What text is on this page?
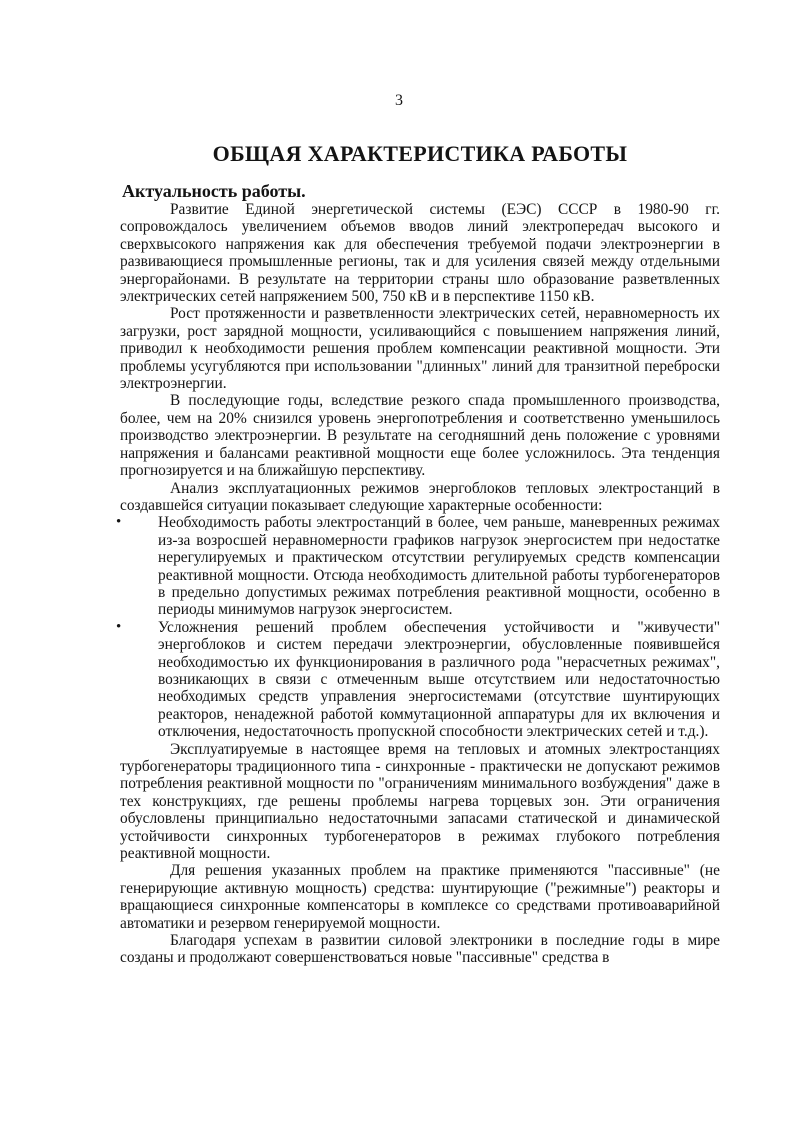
3
ОБЩАЯ ХАРАКТЕРИСТИКА РАБОТЫ
Актуальность работы.

Развитие Единой энергетической системы (ЕЭС) СССР в 1980-90 гг. сопровождалось увеличением объемов вводов линий электропередач высокого и сверхвысокого напряжения как для обеспечения требуемой подачи электроэнергии в развивающиеся промышленные регионы, так и для усиления связей между отдельными энергорайонами. В результате на территории страны шло образование разветвленных электрических сетей напряжением 500, 750 кВ и в перспективе 1150 кВ.

Рост протяженности и разветвленности электрических сетей, неравномерность их загрузки, рост зарядной мощности, усиливающийся с повышением напряжения линий, приводил к необходимости решения проблем компенсации реактивной мощности. Эти проблемы усугубляются при использовании "длинных" линий для транзитной переброски электроэнергии.

В последующие годы, вследствие резкого спада промышленного производства, более, чем на 20% снизился уровень энергопотребления и соответственно уменьшилось производство электроэнергии. В результате на сегодняшний день положение с уровнями напряжения и балансами реактивной мощности еще более усложнилось. Эта тенденция прогнозируется и на ближайшую перспективу.

Анализ эксплуатационных режимов энергоблоков тепловых электростанций в создавшейся ситуации показывает следующие характерные особенности:

• Необходимость работы электростанций в более, чем раньше, маневренных режимах из-за возросшей неравномерности графиков нагрузок энергосистем при недостатке нерегулируемых и практическом отсутствии регулируемых средств компенсации реактивной мощности. Отсюда необходимость длительной работы турбогенераторов в предельно допустимых режимах потребления реактивной мощности, особенно в периоды минимумов нагрузок энергосистем.
• Усложнения решений проблем обеспечения устойчивости и "живучести" энергоблоков и систем передачи электроэнергии, обусловленные появившейся необходимостью их функционирования в различного рода "нерасчетных режимах", возникающих в связи с отмеченным выше отсутствием или недостаточностью необходимых средств управления энергосистемами (отсутствие шунтирующих реакторов, ненадежной работой коммутационной аппаратуры для их включения и отключения, недостаточность пропускной способности электрических сетей и т.д.).

Эксплуатируемые в настоящее время на тепловых и атомных электростанциях турбогенераторы традиционного типа - синхронные - практически не допускают режимов потребления реактивной мощности по "ограничениям минимального возбуждения" даже в тех конструкциях, где решены проблемы нагрева торцевых зон. Эти ограничения обусловлены принципиально недостаточными запасами статической и динамической устойчивости синхронных турбогенераторов в режимах глубокого потребления реактивной мощности.

Для решения указанных проблем на практике применяются "пассивные" (не генерирующие активную мощность) средства: шунтирующие ("режимные") реакторы и вращающиеся синхронные компенсаторы в комплексе со средствами противоаварийной автоматики и резервом генерируемой мощности.

Благодаря успехам в развитии силовой электроники в последние годы в мире созданы и продолжают совершенствоваться новые "пассивные" средства в
